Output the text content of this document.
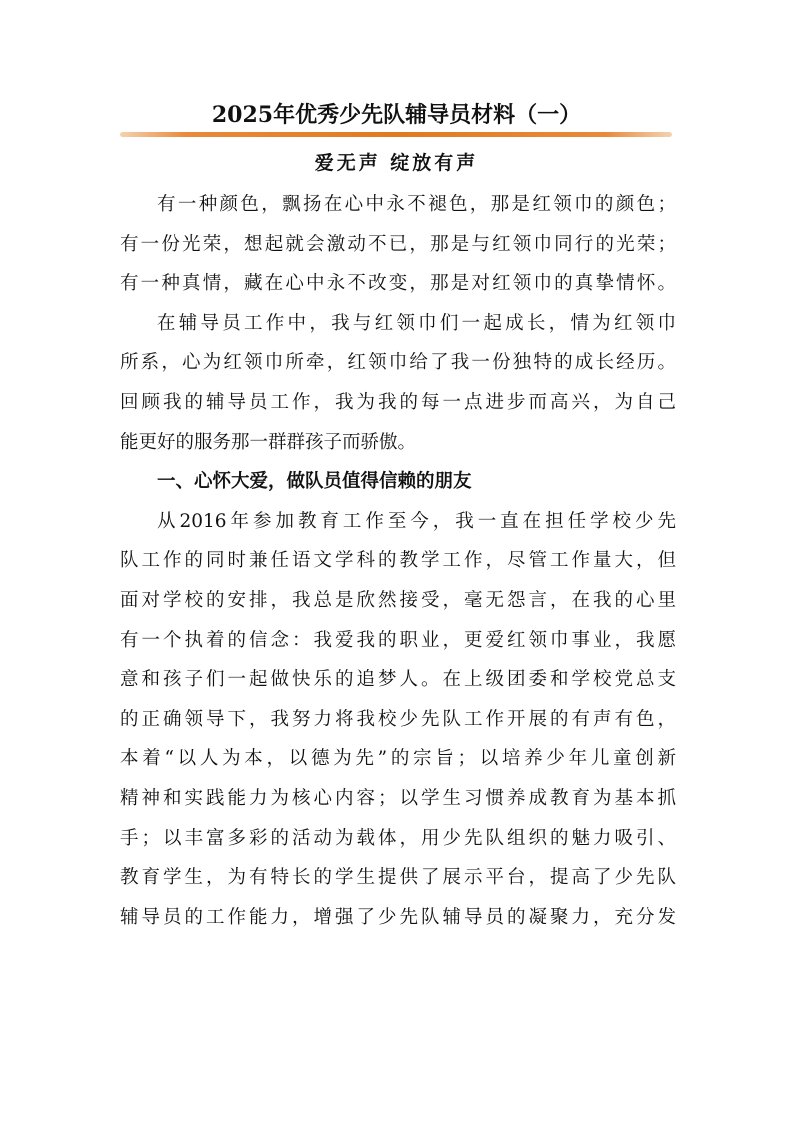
2025年优秀少先队辅导员材料（一）
爱无声 绽放有声

有一种颜色，飘扬在心中永不褪色，那是红领巾的颜色；
有一份光荣，想起就会激动不已，那是与红领巾同行的光荣；
有一种真情，藏在心中永不改变，那是对红领巾的真挚情怀。

在辅导员工作中，我与红领巾们一起成长，情为红领巾
所系，心为红领巾所牵，红领巾给了我一份独特的成长经历。
回顾我的辅导员工作，我为我的每一点进步而高兴，为自己
能更好的服务那一群群孩子而骄傲。

一、心怀大爱，做队员值得信赖的朋友

从2016年参加教育工作至今，我一直在担任学校少先
队工作的同时兼任语文学科的教学工作，尽管工作量大，但
面对学校的安排，我总是欣然接受，毫无怨言，在我的心里
有一个执着的信念：我爱我的职业，更爱红领巾事业，我愿
意和孩子们一起做快乐的追梦人。在上级团委和学校党总支
的正确领导下，我努力将我校少先队工作开展的有声有色，
本着“以人为本，以德为先”的宗旨；以培养少年儿童创新
精神和实践能力为核心内容；以学生习惯养成教育为基本抓
手；以丰富多彩的活动为载体，用少先队组织的魅力吸引、
教育学生，为有特长的学生提供了展示平台，提高了少先队
辅导员的工作能力，增强了少先队辅导员的凝聚力，充分发
